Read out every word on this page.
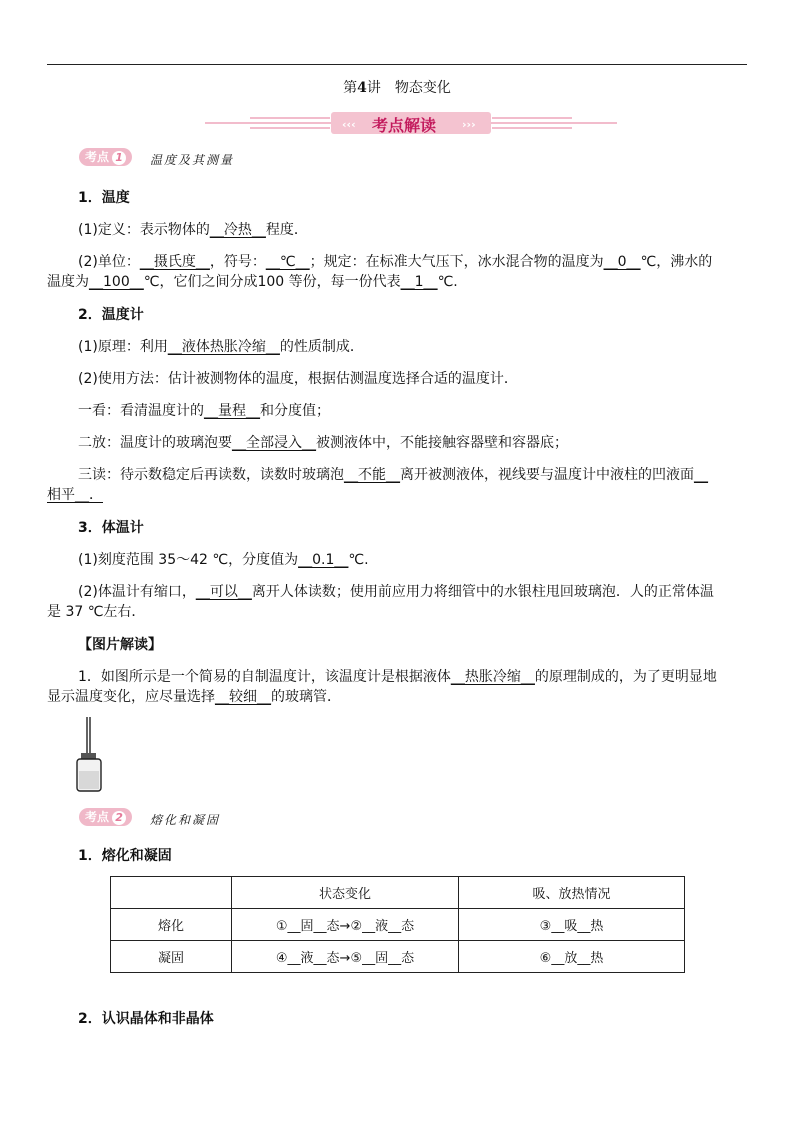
第4讲　物态变化
‹‹‹	›››
考点解读
考点 1	温度及其测量
1．温度
(1)定义：表示物体的__冷热__程度．
(2)单位：__摄氏度__，符号：__℃__；规定：在标准大气压下，冰水混合物的温度为__0__℃，沸水的
温度为__100__℃，它们之间分成100 等份，每一份代表__1__℃.
2．温度计
(1)原理：利用__液体热胀冷缩__的性质制成．
(2)使用方法：估计被测物体的温度，根据估测温度选择合适的温度计．
一看：看清温度计的__量程__和分度值；
二放：温度计的玻璃泡要__全部浸入__被测液体中，不能接触容器壁和容器底；
三读：待示数稳定后再读数，读数时玻璃泡__不能__离开被测液体，视线要与温度计中液柱的凹液面__
相平__．
3．体温计
(1)刻度范围 35～42 ℃，分度值为__0.1__℃.
(2)体温计有缩口，__可以__离开人体读数；使用前应用力将细管中的水银柱甩回玻璃泡．人的正常体温
是 37 ℃左右．
【图片解读】
1．如图所示是一个简易的自制温度计，该温度计是根据液体__热胀冷缩__的原理制成的，为了更明显地
显示温度变化，应尽量选择__较细__的玻璃管．
考点 2	熔化和凝固
1．熔化和凝固
	状态变化	吸、放热情况
熔化	①__固__态→②__液__态	③__吸__热
凝固	④__液__态→⑤__固__态	⑥__放__热
2．认识晶体和非晶体
